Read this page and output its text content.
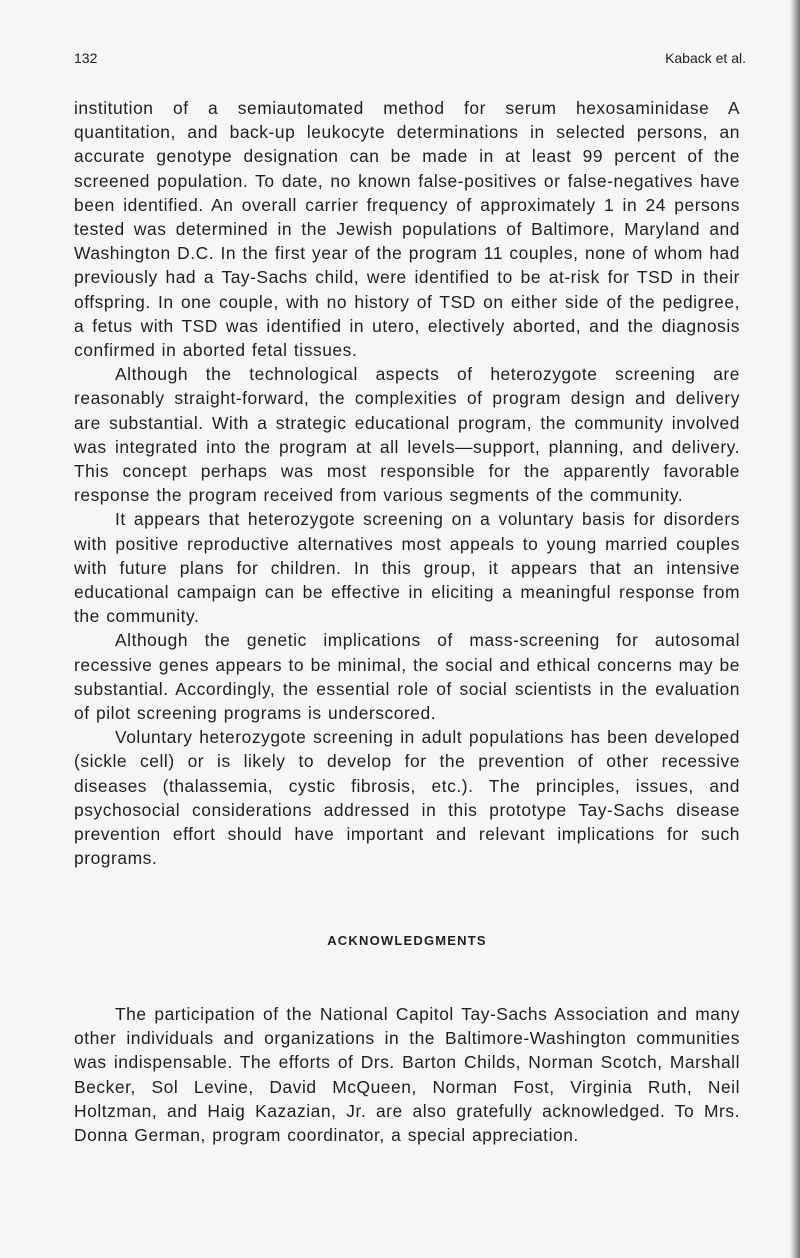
132	Kaback et al.

institution of a semiautomated method for serum hexosaminidase A quantitation, and back-up leukocyte determinations in selected persons, an accurate genotype designation can be made in at least 99 percent of the screened population. To date, no known false-positives or false-negatives have been identified. An overall carrier frequency of approximately 1 in 24 persons tested was determined in the Jewish populations of Baltimore, Maryland and Washington D.C. In the first year of the program 11 couples, none of whom had previously had a Tay-Sachs child, were identified to be at-risk for TSD in their offspring. In one couple, with no history of TSD on either side of the pedigree, a fetus with TSD was identified in utero, electively aborted, and the diagnosis confirmed in aborted fetal tissues.

Although the technological aspects of heterozygote screening are reasonably straight-forward, the complexities of program design and delivery are substantial. With a strategic educational program, the community involved was integrated into the program at all levels—support, planning, and delivery. This concept perhaps was most responsible for the apparently favorable response the program received from various segments of the community.

It appears that heterozygote screening on a voluntary basis for disorders with positive reproductive alternatives most appeals to young married couples with future plans for children. In this group, it appears that an intensive educational campaign can be effective in eliciting a meaningful response from the community.

Although the genetic implications of mass-screening for autosomal recessive genes appears to be minimal, the social and ethical concerns may be substantial. Accordingly, the essential role of social scientists in the evaluation of pilot screening programs is underscored.

Voluntary heterozygote screening in adult populations has been developed (sickle cell) or is likely to develop for the prevention of other recessive diseases (thalassemia, cystic fibrosis, etc.). The principles, issues, and psychosocial considerations addressed in this prototype Tay-Sachs disease prevention effort should have important and relevant implications for such programs.

ACKNOWLEDGMENTS

The participation of the National Capitol Tay-Sachs Association and many other individuals and organizations in the Baltimore-Washington communities was indispensable. The efforts of Drs. Barton Childs, Norman Scotch, Marshall Becker, Sol Levine, David McQueen, Norman Fost, Virginia Ruth, Neil Holtzman, and Haig Kazazian, Jr. are also gratefully acknowledged. To Mrs. Donna German, program coordinator, a special appreciation.
